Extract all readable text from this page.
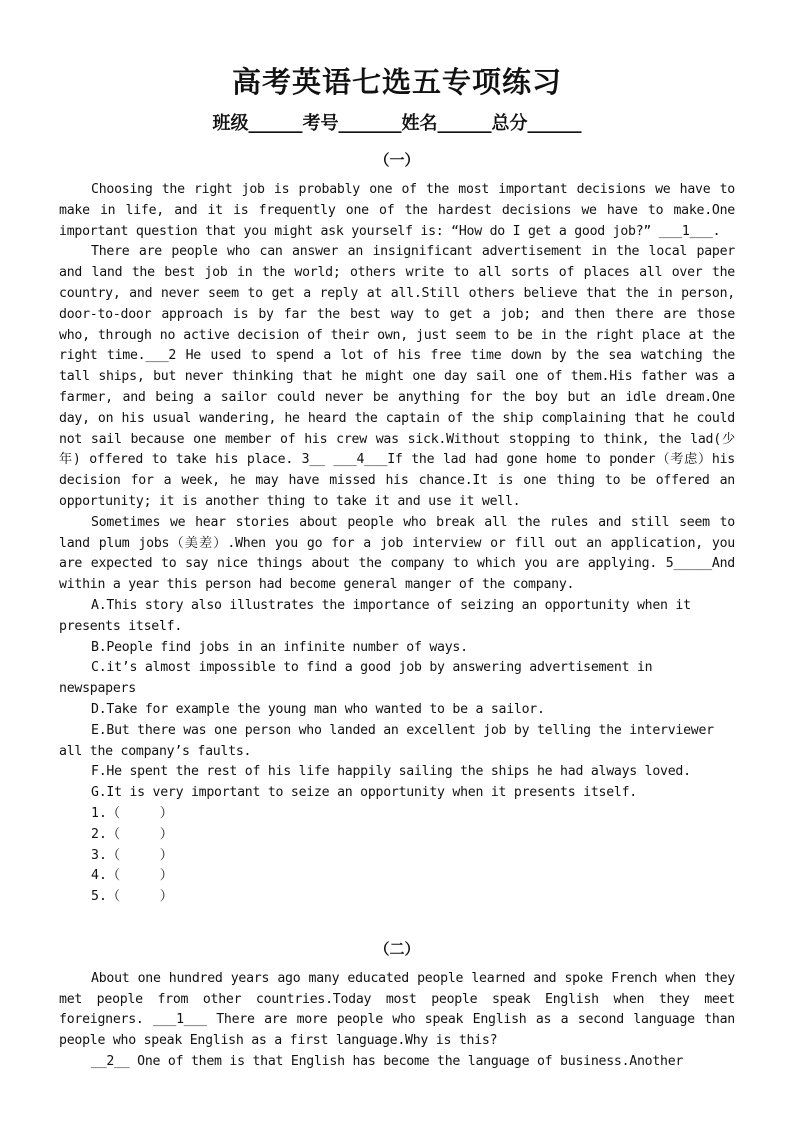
高考英语七选五专项练习
班级______考号_______姓名______总分______
（一）

Choosing the right job is probably one of the most important decisions we have to make in life, and it is frequently one of the hardest decisions we have to make.One important question that you might ask yourself is: “How do I get a good job?” ___1___.

There are people who can answer an insignificant advertisement in the local paper and land the best job in the world; others write to all sorts of places all over the country, and never seem to get a reply at all.Still others believe that the in person, door-to-door approach is by far the best way to get a job; and then there are those who, through no active decision of their own, just seem to be in the right place at the right time.___2 He used to spend a lot of his free time down by the sea watching the tall ships, but never thinking that he might one day sail one of them.His father was a farmer, and being a sailor could never be anything for the boy but an idle dream.One day, on his usual wandering, he heard the captain of the ship complaining that he could not sail because one member of his crew was sick.Without stopping to think, the lad(少年) offered to take his place. 3__ ___4___If the lad had gone home to ponder（考虑）his decision for a week, he may have missed his chance.It is one thing to be offered an opportunity; it is another thing to take it and use it well.

Sometimes we hear stories about people who break all the rules and still seem to land plum jobs（美差）.When you go for a job interview or fill out an application, you are expected to say nice things about the company to which you are applying. 5_____And within a year this person had become general manger of the company.

A.This story also illustrates the importance of seizing an opportunity when it presents itself.

B.People find jobs in an infinite number of ways.

C.it’s almost impossible to find a good job by answering advertisement in newspapers

D.Take for example the young man who wanted to be a sailor.

E.But there was one person who landed an excellent job by telling the interviewer all the company’s faults.

F.He spent the rest of his life happily sailing the ships he had always loved.

G.It is very important to seize an opportunity when it presents itself.

1.（     ）
2.（     ）
3.（     ）
4.（     ）
5.（     ）
（二）

About one hundred years ago many educated people learned and spoke French when they met people from other countries.Today most people speak English when they meet foreigners. ___1___ There are more people who speak English as a second language than people who speak English as a first language.Why is this?

__2__ One of them is that English has become the language of business.Another
